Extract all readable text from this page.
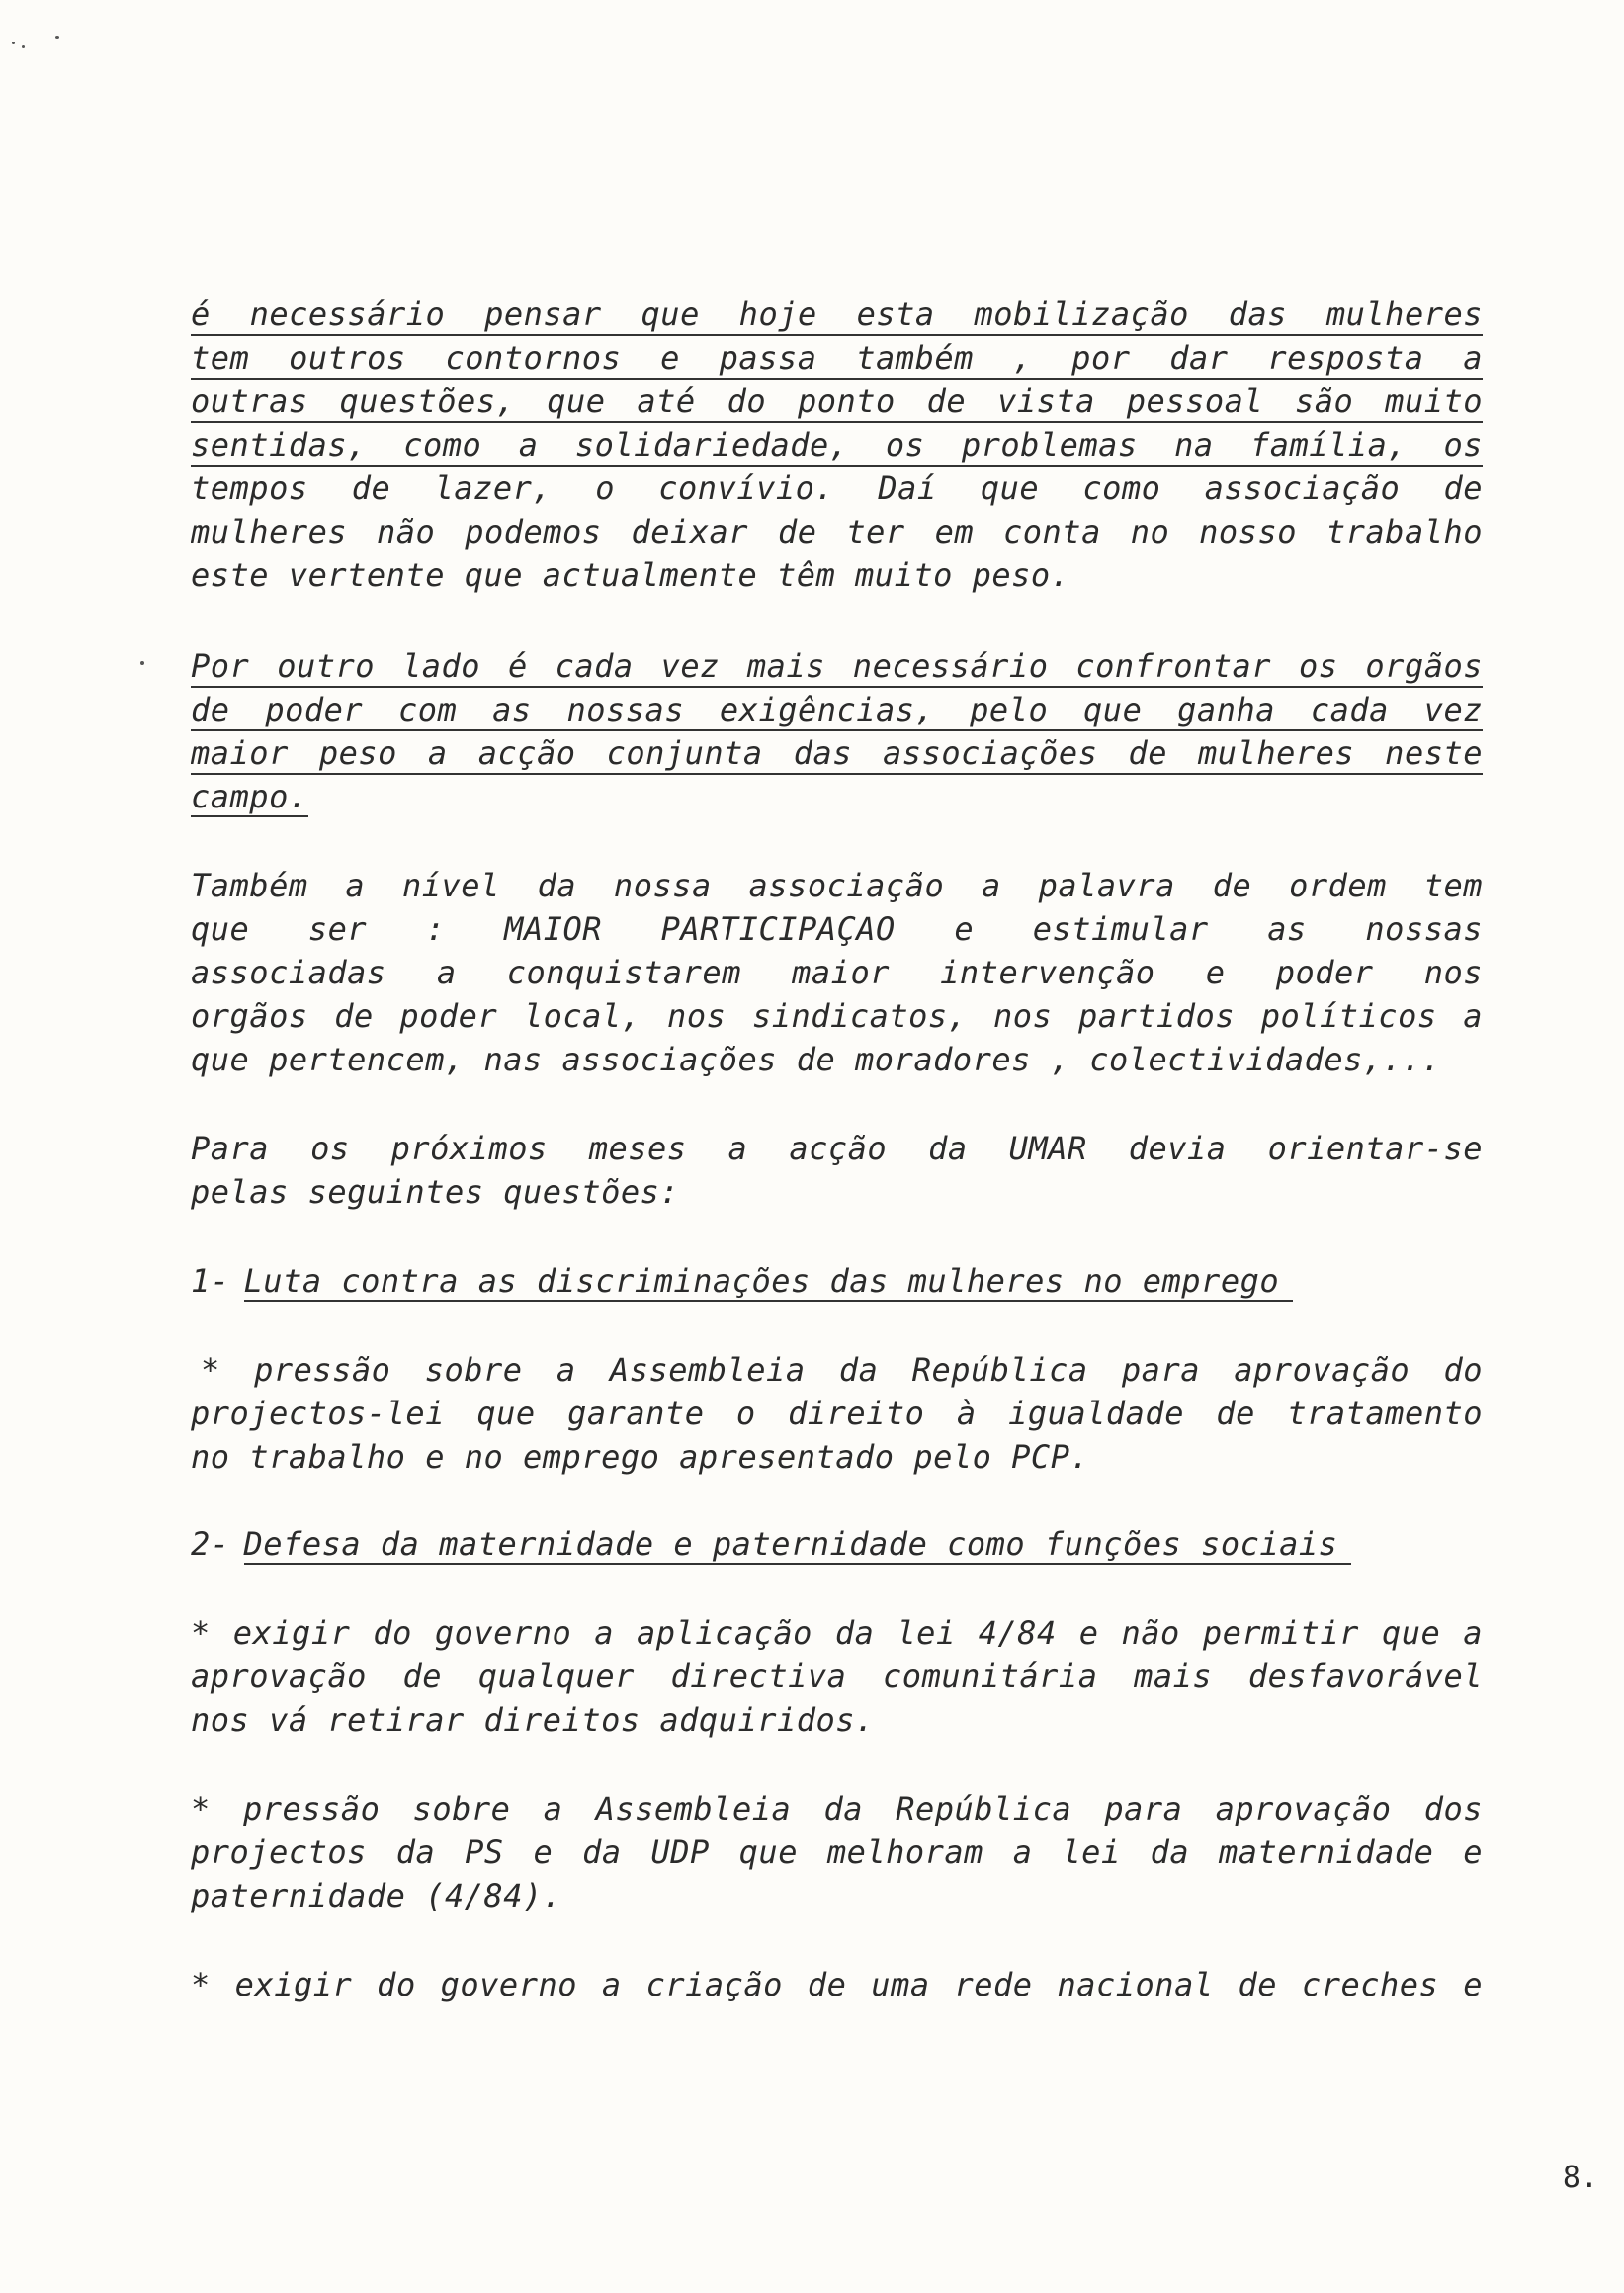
é necessário pensar que hoje esta mobilização das mulheres
tem outros contornos e passa também , por dar resposta a
outras questões, que até do ponto de vista pessoal são muito
sentidas, como a solidariedade, os problemas na família, os
tempos de lazer, o convívio. Daí que como associação de
mulheres não podemos deixar de ter em conta no nosso trabalho
este vertente que actualmente têm muito peso.
Por outro lado é cada vez mais necessário confrontar os orgãos
de poder com as nossas exigências, pelo que ganha cada vez
maior peso a acção conjunta das associações de mulheres neste
campo.
Também a nível da nossa associação a palavra de ordem tem
que ser : MAIOR PARTICIPAÇAO e estimular as nossas
associadas a conquistarem maior intervenção e poder nos
orgãos de poder local, nos sindicatos, nos partidos políticos a
que pertencem, nas associações de moradores , colectividades,...
Para os próximos meses a acção da UMAR devia orientar-se
pelas seguintes questões:
1- Luta contra as discriminações das mulheres no emprego
* pressão sobre a Assembleia da República para aprovação do
projectos-lei que garante o direito à igualdade de tratamento
no trabalho e no emprego apresentado pelo PCP.
2- Defesa da maternidade e paternidade como funções sociais
* exigir do governo a aplicação da lei 4/84 e não permitir que a
aprovação de qualquer directiva comunitária mais desfavorável
nos vá retirar direitos adquiridos.
* pressão sobre a Assembleia da República para aprovação dos
projectos da PS e da UDP que melhoram a lei da maternidade e
paternidade (4/84).
* exigir do governo a criação de uma rede nacional de creches e
8.
